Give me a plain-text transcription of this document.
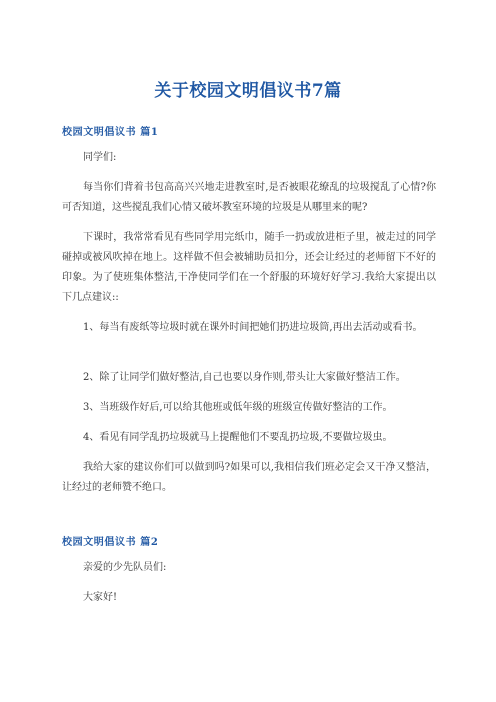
关于校园文明倡议书7篇
校园文明倡议书 篇1

同学们:

每当你们背着书包高高兴兴地走进教室时,是否被眼花缭乱的垃圾搅乱了心情?你可否知道，这些搅乱我们心情又破坏教室环境的垃圾是从哪里来的呢?

下课时，我常常看见有些同学用完纸巾，随手一扔或放进柜子里，被走过的同学碰掉或被风吹掉在地上。这样做不但会被辅助员扣分，还会让经过的老师留下不好的印象。为了使班集体整洁,干净使同学们在一个舒服的环境好好学习.我给大家提出以下几点建议::

1、每当有废纸等垃圾时就在课外时间把她们扔进垃圾筒,再出去活动或看书。

2、除了让同学们做好整洁,自己也要以身作则,带头让大家做好整洁工作。

3、当班级作好后,可以给其他班或低年级的班级宣传做好整洁的工作。

4、看见有同学乱扔垃圾就马上提醒他们不要乱扔垃圾,不要做垃圾虫。

我给大家的建议你们可以做到吗?如果可以,我相信我们班必定会又干净又整洁，让经过的老师赞不绝口。

校园文明倡议书 篇2

亲爱的少先队员们:

大家好!
